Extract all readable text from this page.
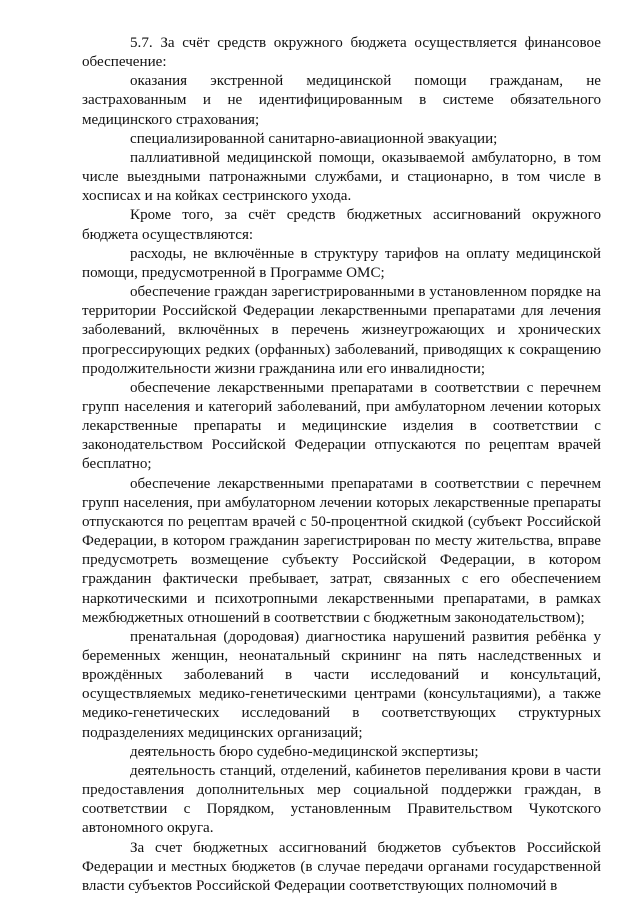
5.7. За счёт средств окружного бюджета осуществляется финансовое обеспечение:

оказания экстренной медицинской помощи гражданам, не застрахованным и не идентифицированным в системе обязательного медицинского страхования;

специализированной санитарно-авиационной эвакуации;

паллиативной медицинской помощи, оказываемой амбулаторно, в том числе выездными патронажными службами, и стационарно, в том числе в хосписах и на койках сестринского ухода.

Кроме того, за счёт средств бюджетных ассигнований окружного бюджета осуществляются:

расходы, не включённые в структуру тарифов на оплату медицинской помощи, предусмотренной в Программе ОМС;

обеспечение граждан зарегистрированными в установленном порядке на территории Российской Федерации лекарственными препаратами для лечения заболеваний, включённых в перечень жизнеугрожающих и хронических прогрессирующих редких (орфанных) заболеваний, приводящих к сокращению продолжительности жизни гражданина или его инвалидности;

обеспечение лекарственными препаратами в соответствии с перечнем групп населения и категорий заболеваний, при амбулаторном лечении которых лекарственные препараты и медицинские изделия в соответствии с законодательством Российской Федерации отпускаются по рецептам врачей бесплатно;

обеспечение лекарственными препаратами в соответствии с перечнем групп населения, при амбулаторном лечении которых лекарственные препараты отпускаются по рецептам врачей с 50-процентной скидкой (субъект Российской Федерации, в котором гражданин зарегистрирован по месту жительства, вправе предусмотреть возмещение субъекту Российской Федерации, в котором гражданин фактически пребывает, затрат, связанных с его обеспечением наркотическими и психотропными лекарственными препаратами, в рамках межбюджетных отношений в соответствии с бюджетным законодательством);

пренатальная (дородовая) диагностика нарушений развития ребёнка у беременных женщин, неонатальный скрининг на пять наследственных и врождённых заболеваний в части исследований и консультаций, осуществляемых медико-генетическими центрами (консультациями), а также медико-генетических исследований в соответствующих структурных подразделениях медицинских организаций;

деятельность бюро судебно-медицинской экспертизы;

деятельность станций, отделений, кабинетов переливания крови в части предоставления дополнительных мер социальной поддержки граждан, в соответствии с Порядком, установленным Правительством Чукотского автономного округа.

За счет бюджетных ассигнований бюджетов субъектов Российской Федерации и местных бюджетов (в случае передачи органами государственной власти субъектов Российской Федерации соответствующих полномочий в
